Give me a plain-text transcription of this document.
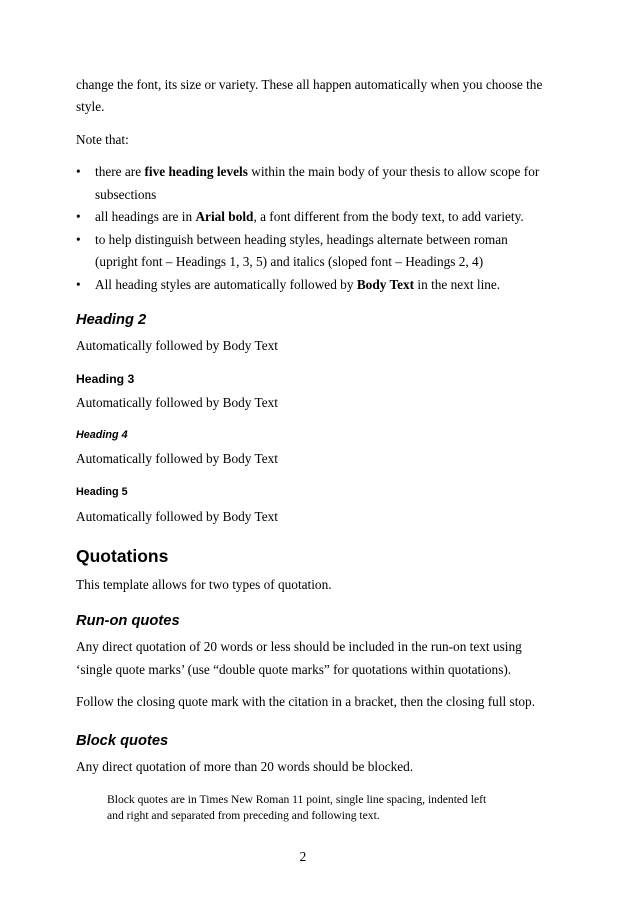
change the font, its size or variety. These all happen automatically when you choose the
style.
Note that:
• there are five heading levels within the main body of your thesis to allow scope for
subsections
• all headings are in Arial bold, a font different from the body text, to add variety.
• to help distinguish between heading styles, headings alternate between roman
(upright font – Headings 1, 3, 5) and italics (sloped font – Headings 2, 4)
• All heading styles are automatically followed by Body Text in the next line.
Heading 2
Automatically followed by Body Text
Heading 3
Automatically followed by Body Text
Heading 4
Automatically followed by Body Text
Heading 5
Automatically followed by Body Text
Quotations
This template allows for two types of quotation.
Run-on quotes
Any direct quotation of 20 words or less should be included in the run-on text using
‘single quote marks’ (use “double quote marks” for quotations within quotations).
Follow the closing quote mark with the citation in a bracket, then the closing full stop.
Block quotes
Any direct quotation of more than 20 words should be blocked.
Block quotes are in Times New Roman 11 point, single line spacing, indented left
and right and separated from preceding and following text.
2
